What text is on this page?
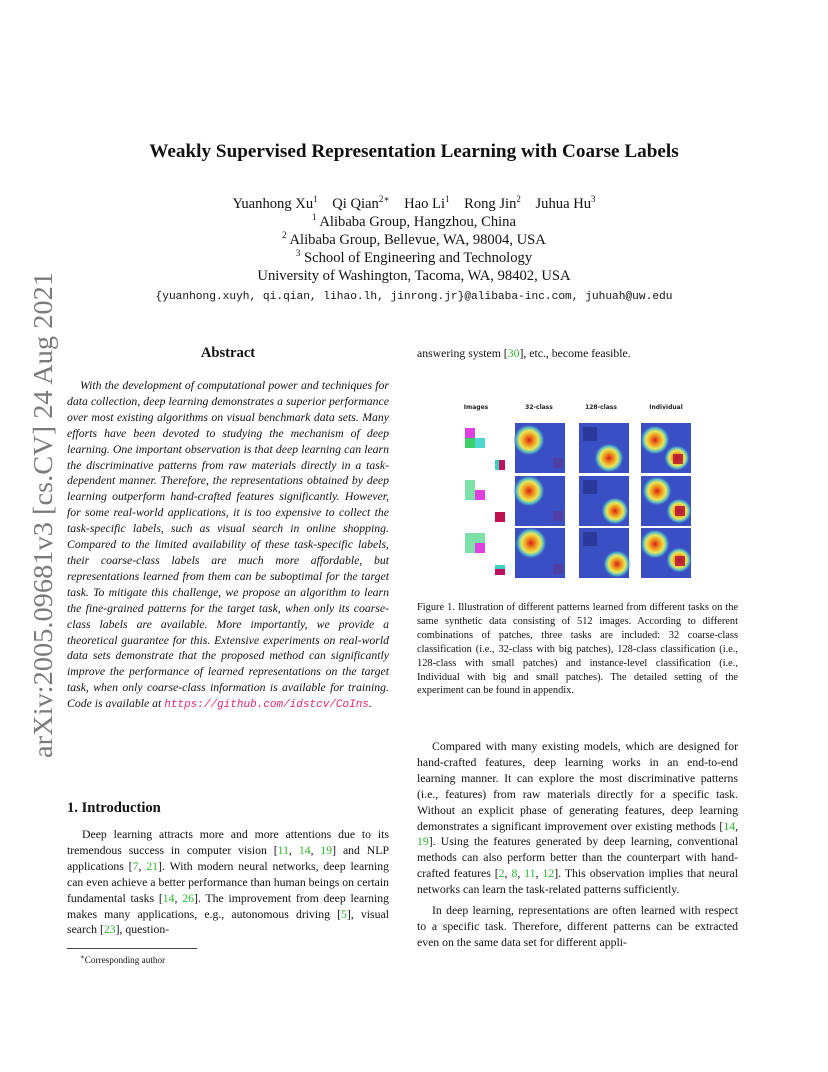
arXiv:2005.09681v3 [cs.CV] 24 Aug 2021
Weakly Supervised Representation Learning with Coarse Labels
Yuanhong Xu$^1$ Qi Qian$^{2∗}$ Hao Li$^1$ Rong Jin$^2$ Juhua Hu$^3$
$^1$ Alibaba Group, Hangzhou, China
$^2$ Alibaba Group, Bellevue, WA, 98004, USA
$^3$ School of Engineering and Technology
University of Washington, Tacoma, WA, 98402, USA
{yuanhong.xuyh, qi.qian, lihao.lh, jinrong.jr}@alibaba-inc.com, juhuah@uw.edu
Abstract
With the development of computational power and techniques for data collection, deep learning demonstrates a superior performance over most existing algorithms on visual benchmark data sets. Many efforts have been devoted to studying the mechanism of deep learning. One important observation is that deep learning can learn the discriminative patterns from raw materials directly in a task-dependent manner. Therefore, the representations obtained by deep learning outperform hand-crafted features significantly. However, for some real-world applications, it is too expensive to collect the task-specific labels, such as visual search in online shopping. Compared to the limited availability of these task-specific labels, their coarse-class labels are much more affordable, but representations learned from them can be suboptimal for the target task. To mitigate this challenge, we propose an algorithm to learn the fine-grained patterns for the target task, when only its coarse-class labels are available. More importantly, we provide a theoretical guarantee for this. Extensive experiments on real-world data sets demonstrate that the proposed method can significantly improve the performance of learned representations on the target task, when only coarse-class information is available for training. Code is available at https://github.com/idstcv/CoIns.
1. Introduction
Deep learning attracts more and more attentions due to its tremendous success in computer vision [11, 14, 19] and NLP applications [7, 21]. With modern neural networks, deep learning can even achieve a better performance than human beings on certain fundamental tasks [14, 26]. The improvement from deep learning makes many applications, e.g., autonomous driving [5], visual search [23], question-
∗Corresponding author
answering system [30], etc., become feasible.
Images	32-class	128-class	Individual
Figure 1. Illustration of different patterns learned from different tasks on the same synthetic data consisting of 512 images. According to different combinations of patches, three tasks are included: 32 coarse-class classification (i.e., 32-class with big patches), 128-class classification (i.e., 128-class with small patches) and instance-level classification (i.e., Individual with big and small patches). The detailed setting of the experiment can be found in appendix.

Compared with many existing models, which are designed for hand-crafted features, deep learning works in an end-to-end learning manner. It can explore the most discriminative patterns (i.e., features) from raw materials directly for a specific task. Without an explicit phase of generating features, deep learning demonstrates a significant improvement over existing methods [14, 19]. Using the features generated by deep learning, conventional methods can also perform better than the counterpart with hand-crafted features [2, 8, 11, 12]. This observation implies that neural networks can learn the task-related patterns sufficiently.

In deep learning, representations are often learned with respect to a specific task. Therefore, different patterns can be extracted even on the same data set for different appli-
